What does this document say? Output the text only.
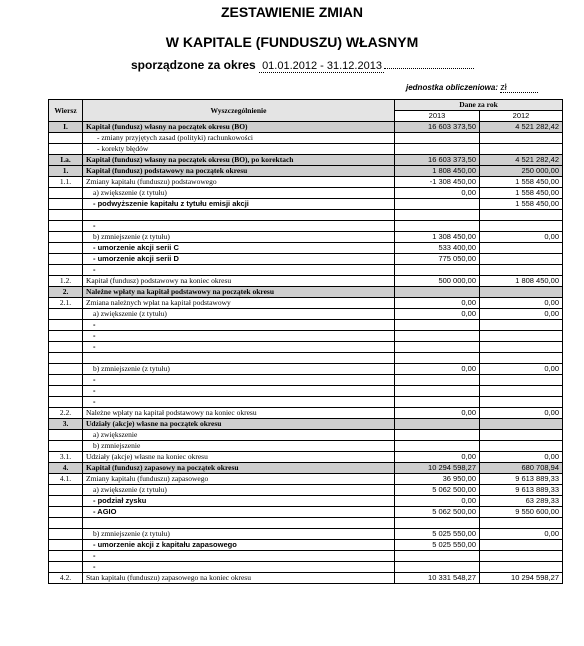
ZESTAWIENIE ZMIAN
W KAPITALE (FUNDUSZU) WŁASNYM
sporządzone za okres 01.01.2012 - 31.12.2013
jednostka obliczeniowa: zł
Wiersz	Wyszczególnienie	Dane za rok	
		2013	2012
I.	Kapitał (fundusz) własny na początek okresu (BO)	16 603 373,50	4 521 282,42
	- zmiany przyjętych zasad (polityki) rachunkowości		
	- korekty błędów		
I.a.	Kapitał (fundusz) własny na początek okresu (BO), po korektach	16 603 373,50	4 521 282,42
1.	Kapitał (fundusz) podstawowy na początek okresu	1 808 450,00	250 000,00
1.1.	Zmiany kapitału (funduszu) podstawowego	-1 308 450,00	1 558 450,00
	a) zwiększenie (z tytułu)	0,00	1 558 450,00
	- podwyższenie kapitału z tytułu emisji akcji		1 558 450,00

	-		
	b) zmniejszenie (z tytułu)	1 308 450,00	0,00
	- umorzenie akcji serii C	533 400,00	
	- umorzenie akcji serii D	775 050,00	
	-		
1.2.	Kapitał (fundusz) podstawowy na koniec okresu	500 000,00	1 808 450,00
2.	Należne wpłaty na kapitał podstawowy na początek okresu		
2.1.	Zmiana należnych wpłat na kapitał podstawowy	0,00	0,00
	a) zwiększenie (z tytułu)	0,00	0,00
	-		
	-		
	-		

	b) zmniejszenie (z tytułu)	0,00	0,00
	-		
	-		
	-		
2.2.	Należne wpłaty na kapitał podstawowy na koniec okresu	0,00	0,00
3.	Udziały (akcje) własne na początek okresu		
	a) zwiększenie		
	b) zmniejszenie		
3.1.	Udziały (akcje) własne na koniec okresu	0,00	0,00
4.	Kapitał (fundusz) zapasowy na początek okresu	10 294 598,27	680 708,94
4.1.	Zmiany kapitału (funduszu) zapasowego	36 950,00	9 613 889,33
	a) zwiększenie (z tytułu)	5 062 500,00	9 613 889,33
	- podział zysku	0,00	63 289,33
	- AGIO	5 062 500,00	9 550 600,00

	b) zmniejszenie (z tytułu)	5 025 550,00	0,00
	- umorzenie akcji z kapitału zapasowego	5 025 550,00	
	-		
	-		
4.2.	Stan kapitału (funduszu) zapasowego na koniec okresu	10 331 548,27	10 294 598,27
